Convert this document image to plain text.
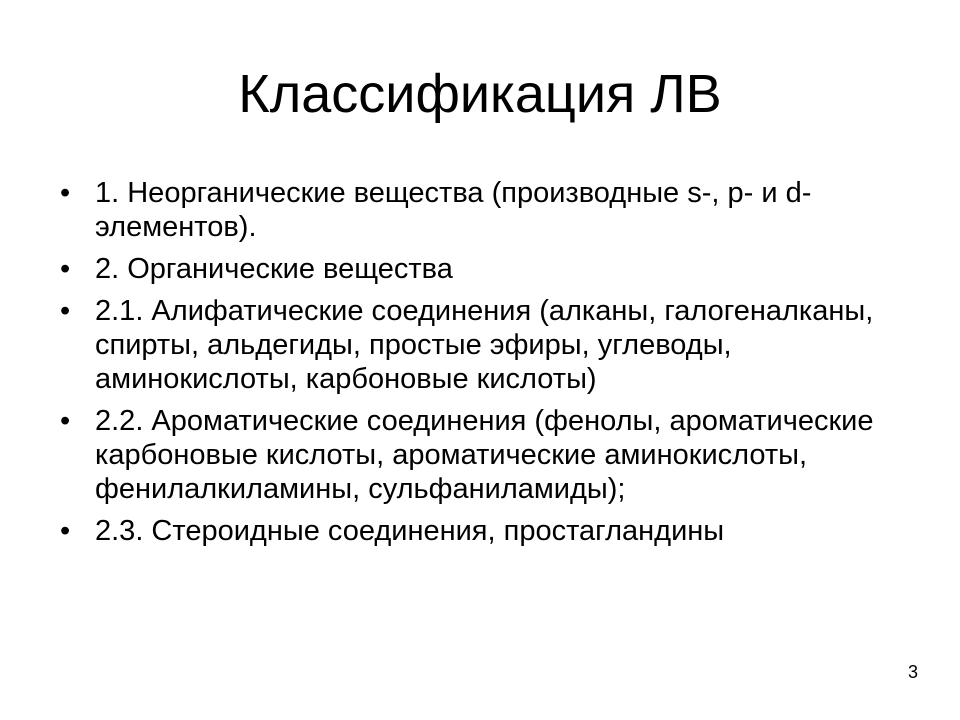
Классификация ЛВ
• 1. Неорганические вещества (производные s-, p- и d-элементов).
• 2. Органические вещества
• 2.1. Алифатические соединения (алканы, галогеналканы, спирты, альдегиды, простые эфиры, углеводы, аминокислоты, карбоновые кислоты)
• 2.2. Ароматические соединения (фенолы, ароматические карбоновые кислоты, ароматические аминокислоты, фенилалкиламины, сульфаниламиды);
• 2.3. Стероидные соединения, простагландины
3
